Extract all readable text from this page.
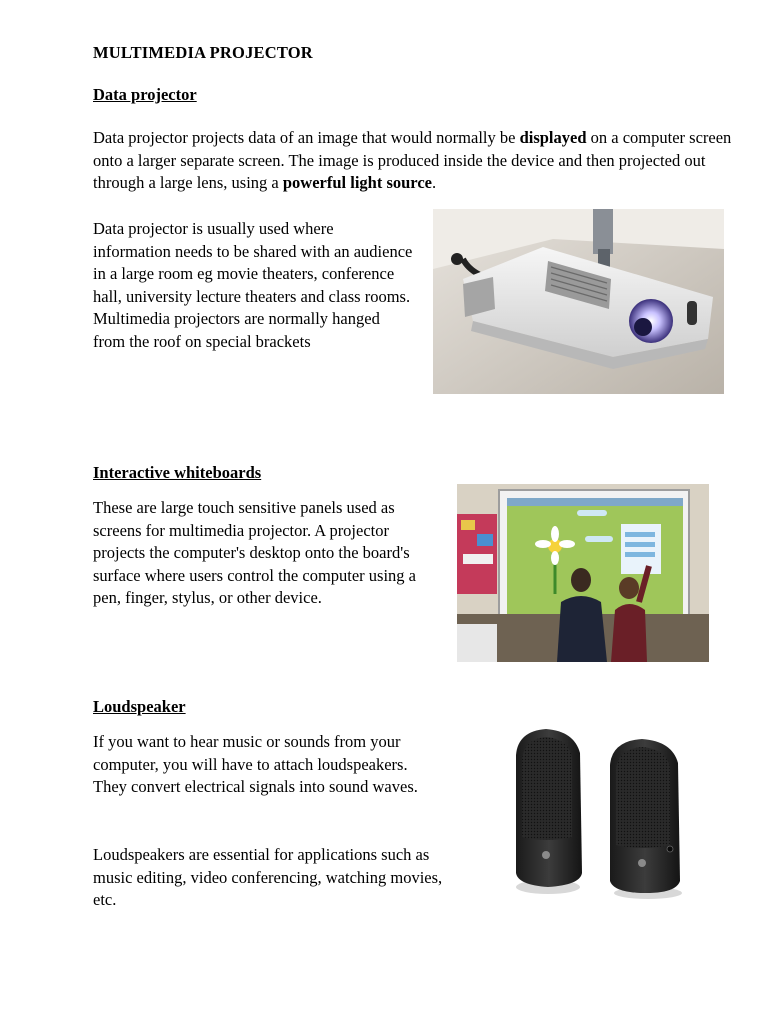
MULTIMEDIA PROJECTOR
Data projector

Data projector projects data of an image that would normally be displayed on a computer screen onto a larger separate screen. The image is produced inside the device and then projected out through a large lens, using a powerful light source.

Data projector is usually used where information needs to be shared with an audience in a large room eg movie theaters, conference hall, university lecture theaters and class rooms. Multimedia projectors are normally hanged from the roof on special brackets

Interactive whiteboards

These are large touch sensitive panels used as screens for multimedia projector. A projector projects the computer's desktop onto the board's surface where users control the computer using a pen, finger, stylus, or other device.

Loudspeaker

If you want to hear music or sounds from your computer, you will have to attach loudspeakers. They convert electrical signals into sound waves.

Loudspeakers are essential for applications such as music editing, video conferencing, watching movies, etc.
